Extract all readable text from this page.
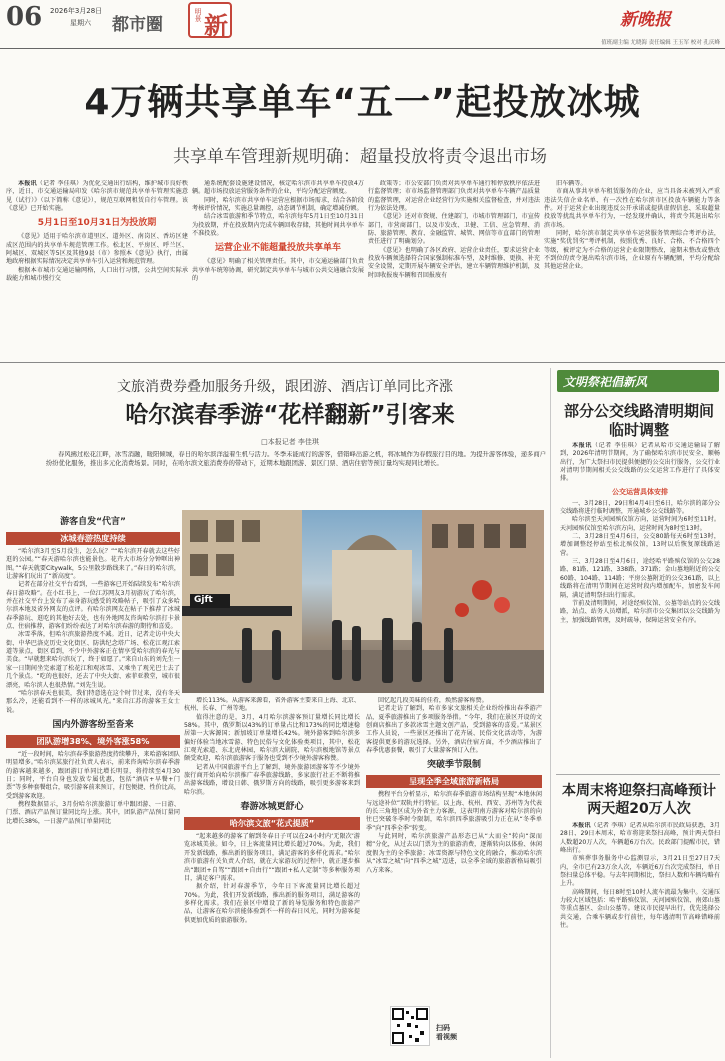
06 2026年3月28日
星期六 都市圈	明景 新	新晚报
值班副主编 尤晓海 责任编辑 王玉军 校对 孔庆峰
4万辆共享单车“五一”起投放冰城
共享单车管理新规明确：超量投放将责令退出市场

本报讯（记者 李佳琪）为优化交通出行结构，维护城市良好秩序，近日，市交通运输局印发《哈尔滨市规范共享单车管理实施意见（试行）》（以下简称《意见》），规范互联网租赁自行车管理。该《意见》已开始实施。

5月1日至10月31日为投放期

《意见》适用于哈尔滨市道里区、道外区、南岗区、香坊区建成区范围内的共享单车规范管理工作。松北区、平房区、呼兰区、阿城区、双城区等5区及其他9县（市）参照本《意见》执行，由属地政府根据实际情况决定共享单车引入运营和规范管理。

根据本市城市交通运输网格，人口出行习惯，公共空间实际承载能力和城市慢行交

通系统配套设施建设情况，核定哈尔滨市共享单车投放4万辆。超市场投放运营服务条件的企业，平均分配运营额度。

同时，哈尔滨市共享单车运营应根据市场需求，结合各阶段考核评价情况，实施总量调控，动态调节机制，确定增减份额。

结合冰雪旅游和季节特点，哈尔滨每年5月1日至10月31日为投放期，并在投放期内完成车辆回收存储，其他时间共享单车不准投放。

运营企业不能超量投放共享单车

《意见》明确了相关管理责任。其中，市交通运输部门负责共享单车统筹协调，研究制定共享单车与城市公共交通融合发展的

政策等；市公安部门负责对共享单车通行和停放秩序依法进行监督管理；市市场监督管理部门负责对共享单车车辆产品质量的监督管理，对运营企业经营行为实施相关监督检查，并对违法行为依法处理。

《意见》还对市资规、住建部门，市城市管理部门，市宣传部门，市营商部门，以及市发改、卫健、工信、应急管理、消防、旅游管理、教育、金融监管、城管、网信等市直部门的管理责任进行了明确划分。

《意见》也明确了各区政府、运营企业责任，要求运营企业投放车辆须选择符合国家强制标准车型，及时维修、更换、补充安全设置，定期开展车辆安全评估，建立车辆管理维护机制，及时回收报废车辆和召回报废有

旧车辆等。

市商从事共享单车租赁服务的企业，应当具备未被列入严重违法失信企业名单、有一次性在哈尔滨市区投放车辆能力等条件。对于运营企业出现违反公开承诺或提供虚假信息、采取超量投放等扰乱共享单车行为，一经发现并确认，将责令其退出哈尔滨市场。

同时，哈尔滨市制定共享单车运营服务管理综合考评办法，实施“奖优罚劣”考评机制，按照优秀、良好、合格、不合格四个等级，被评定为不合格的运营企业限期整改，逾期未整改或整改不到位的责令退出哈尔滨市场，企业原有车辆配额，平均分配给其他运营企业。

文旅消费券叠加服务升级，跟团游、酒店订单同比齐涨
哈尔滨春季游“花样翻新”引客来
□本报记者 李佳琪

春风拂过松花江畔，冰雪消融，暖阳倾城，春日的哈尔滨洋溢着生机与活力。冬季未能成行的游客，借错峰出游之机，将冰城作为春假旅行目的地。为提升游客体验，递多商户纷纷优化服务，推出多元化消费场景。同时，在哈尔滨文旅消费券的带动下，近期本地跟团游、景区门票、酒店住宿等预订量均实现同比增长。

游客自发“代言”
冰城春游热度持续

“哈尔滨3月至5月没生，怎么玩？”“哈尔滨开春就去这些好逛的公园。”“春天游哈尔滨也能景色。花卉大市场分分钟哐出神图。”“春天就要Citywalk，5公里散步路线来了。”春日的哈尔滨，让游客们玩出了“新高度”。

记者在部分社交平台看到，一些游客已开始陆续发布“哈尔滨春日游攻略”。在小红书上，一位江苏网友3月初游玩了哈尔滨，并在社交平台上发布了亲身游玩感受的攻略帖子，吸引了众多哈尔滨本地及省外网友的点评。有哈尔滨网友在帖子下推荐了冰城春季游玩、逛吃的其他好去处，也有外地网友咨询哈尔滨打卡景点、住宿推荐，游客们纷纷表达了对哈尔滨春游的期待和喜爱。

冰雪季落，但哈尔滨旅游热度不减。近日，记者走访中央大街、中华巴洛克历史文化街区、防洪纪念塔广场、松花江观江索道等景点，街区看到，不少中外游客正在情享受哈尔滨的春光与美食。“早就想来哈尔滨玩了，终于如愿了。”来自山东的刘先生一家一日期间坐完索道了松花江和观冰雪、又乘坐了观光巴士去了几个景点。“吃的也很好，还去了中央大街、索菲亚教堂，城市很漂亮，哈尔滨人也很热情。”刘先生说。

“哈尔滨春天也很美，我们特意选在这个时节过来，没有冬天那么冷，还能看到不一样的冰城风光。”来自江苏的游客王女士说。

国内外游客纷至沓来
团队游增38%、境外客涨58%

“近一段时间，哈尔滨春季旅游热度持续攀升，来哈游客团队明显增多。”哈尔滨某旅行社负责人表示，前来咨询哈尔滨春季游的游客越来越多，跟团游订单同比增长明显，将持续至4月30日；同时，平台自身也发放专属优惠，包括“酒店+早餐+门票”等多种套餐组合，吸引游客前来预订，打包便捷、性价比高，受到游客欢迎。

携程数据显示，3月份哈尔滨旅游订单中跟团游、一日游、门票、酒店产品预订量同比均上涨。其中，团队游产品预订量同比增长38%，一日游产品预订单量同比

Gjft

增长113%。从游客来源看，省外游客主要来自上海、北京、杭州、长春、广州等地。

值得注意的是，3月，4月哈尔滨游客预订量增长同比增长58%。其中，俄罗斯以43%的订单量占比和173%的同比增速稳居第一大客源国；新加坡订单量增长42%。境外游客到哈尔滨多偏好体验当地冰雪游、特色民俗与文化体验类项目，其中，松花江观光索道、东北虎林园，哈尔滨大剧院、哈尔滨极地馆等景点颇受欢迎，哈尔滨旅游客于服务也受到不少境外游客称赞。

记者从中国旅游平台上了解到，境外旅游团游客等不少境外旅行商开始向哈尔滨推广春季旅游线路，多家旅行社正不断将推出游客线路，增设日韩、俄罗斯方向的线路，吸引更多游客来到哈尔滨。

春游冰城更舒心
哈尔滨文旅“花式提质”

“起来越多的游客了解到冬春日子可以在24小时内‘无限次’游览冰城美景。如今，日上客流量同比增长超过70%。为此，我们开发新线路，推出新的服务项目，满足游客的多样化需求。”哈尔滨市旅游有关负责人介绍，就在大家游玩的过程中，就正逐步推出“跟团+自驾”“跟团+自由行”“跟团+私人定制”等多种服务项目，满足客户需求。

据介绍，针对春游季节，今年日下客流量同比增长超过70%。为此，我们开发新线路，推出新的服务项目，满足游客的多样化需求。我们在景区中增设了新的导览服务和特色旅游产品，让游客在哈尔滨能体验到不一样的春日风光，同时为游客提供更加优质的旅游服务。

回忆起几段美味的佳肴，焕然游客称赞。

记者走访了解到，哈市多家文旅相关企业纷纷推出春季游产品，夏季旅游推出了多项服务举措。“今年，我们在景区开设的文创商店推出了多款冰雪主题文创产品，受到游客的喜爱。”某景区工作人员说，一些景区还推出了花卉展、民俗文化活动等，为游客提供更多的游玩选择。另外，酒店住宿方面，不少酒店推出了春季优惠套餐，吸引了大量游客预订入住。

突破季节限制
呈现全季全域旅游新格局

携程平台分析显示，哈尔滨春季旅游市场结构呈现“本地休闲与远途补位”双轨并行特征。以上海、杭州、西安、苏州等为代表的长三角地区成为外省主力客源，这表明南方游客对哈尔滨的向往已突破冬季时令限制，哈尔滨四季旅游吸引力正在从“冬季单季”向“四季全季”转变。

与此同时，哈尔滨旅游产品形态已从“大而全”转向“深而精”分化，从过去以门票为主的旅游消费，逐渐转向以体验、休闲度假为主的全季旅游；冰雪资源与特色文化的融合，推动哈尔滨从“冰雪之城”向“四季之城”迈进，以全季全域的旅游新格局吸引八方来客。

扫码
看视频
文明祭祀倡新风
部分公交线路清明期间临时调整

本报讯（记者 李佳琪）记者从哈市交通运输局了解到，2026年清明节期间，为了确保哈尔滨市民安全、顺畅出行，为广大祭扫市民提供便捷的公交出行服务，公交行业对清明节期间相关公交线路的公交运营工作进行了具体安排。

公交运营具体安排

一、3月28日，29日和4月4日至6日，哈尔滨的部分公交线路将进行临时调整，开通城乡公交线路等。

哈尔滨至天河园殡仪馆方向，运营时间为6时至11时。天河园殡仪馆至哈尔滨方向，运营时间为8时至13时。

二、3月28日至4月6日，公交80路每天6时至13时，增加调整经停站至松北殡仪馆，13时以后恢复原线路运营。

三、3月28日至4月6日，途经哈平路殡仪馆的公交28路、81路、121路、338路、371路；金山墓地附近的公交60路、104路、114路；平房公墓附近的公交361路，以上线路将在清明节期间在运营时段内增加配车，加密发车间隔，满足清明祭扫出行需求。

节前及清明期间，对途经殡仪馆、公墓等站点的公交线路，站点、站务人员增派，哈尔滨市公交集团以公交线路为主，加强线路管理，及时疏导，保障运营安全有序。

本周末将迎祭扫高峰预计两天超20万人次

本报讯（记者 李琪）记者从哈尔滨市民政局获悉，3月28日、29日本周末，哈市将迎来祭扫高峰，预计两天祭扫人数超20万人次，车辆超6万台次。民政部门提醒市民，错峰出行。

市殡葬事务服务中心监测显示，3月21日至27日7天内，全市已有23万余人次，车辆近6万台次完成祭扫，单日祭扫量总体平稳。与去年同期相比，祭扫人数和车辆均略有上升。

高峰期间，每日8时至10时人流车流最为集中。交通压力较大区域包括：哈平路殡仪馆、天河园殡仪馆、南郊山墓等重点墓区、金山公墓等。建议市民提早出行，优先选择公共交通，合乘车辆或步行前往，每年遇清明节高峰错峰前往。
